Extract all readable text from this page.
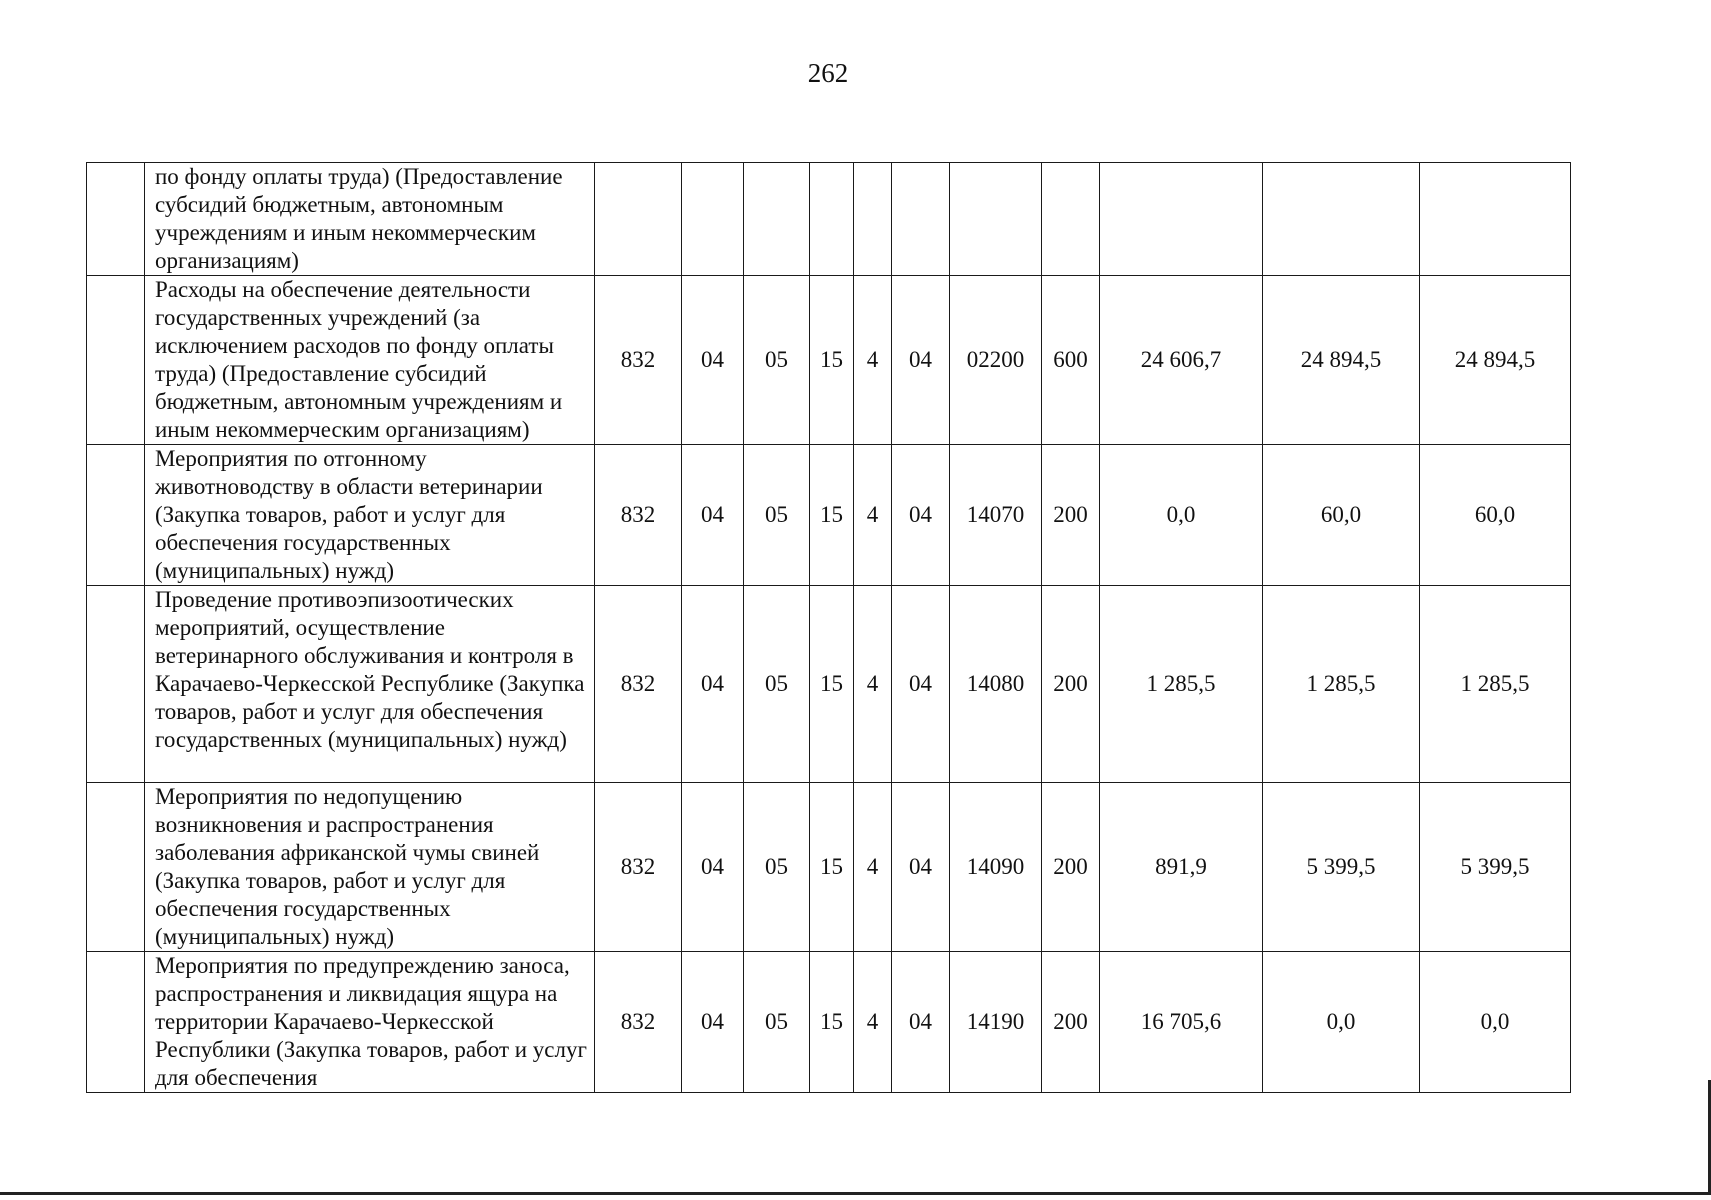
262
	по фонду оплаты труда) (Предоставление субсидий бюджетным, автономным учреждениям и иным некоммерческим организациям)											
	Расходы на обеспечение деятельности государственных учреждений (за исключением расходов по фонду оплаты труда) (Предоставление субсидий бюджетным, автономным учреждениям и иным некоммерческим организациям)	832	04	05	15	4	04	02200	600	24 606,7	24 894,5	24 894,5
	Мероприятия по отгонному животноводству в области ветеринарии (Закупка товаров, работ и услуг для обеспечения государственных (муниципальных) нужд)	832	04	05	15	4	04	14070	200	0,0	60,0	60,0
	Проведение противоэпизоотических мероприятий, осуществление ветеринарного обслуживания и контроля в Карачаево-Черкесской Республике (Закупка товаров, работ и услуг для обеспечения государственных (муниципальных) нужд)	832	04	05	15	4	04	14080	200	1 285,5	1 285,5	1 285,5
	Мероприятия по недопущению возникновения и распространения заболевания африканской чумы свиней (Закупка товаров, работ и услуг для обеспечения государственных (муниципальных) нужд)	832	04	05	15	4	04	14090	200	891,9	5 399,5	5 399,5
	Мероприятия по предупреждению заноса, распространения и ликвидация ящура на территории Карачаево-Черкесской Республики (Закупка товаров, работ и услуг для обеспечения	832	04	05	15	4	04	14190	200	16 705,6	0,0	0,0
